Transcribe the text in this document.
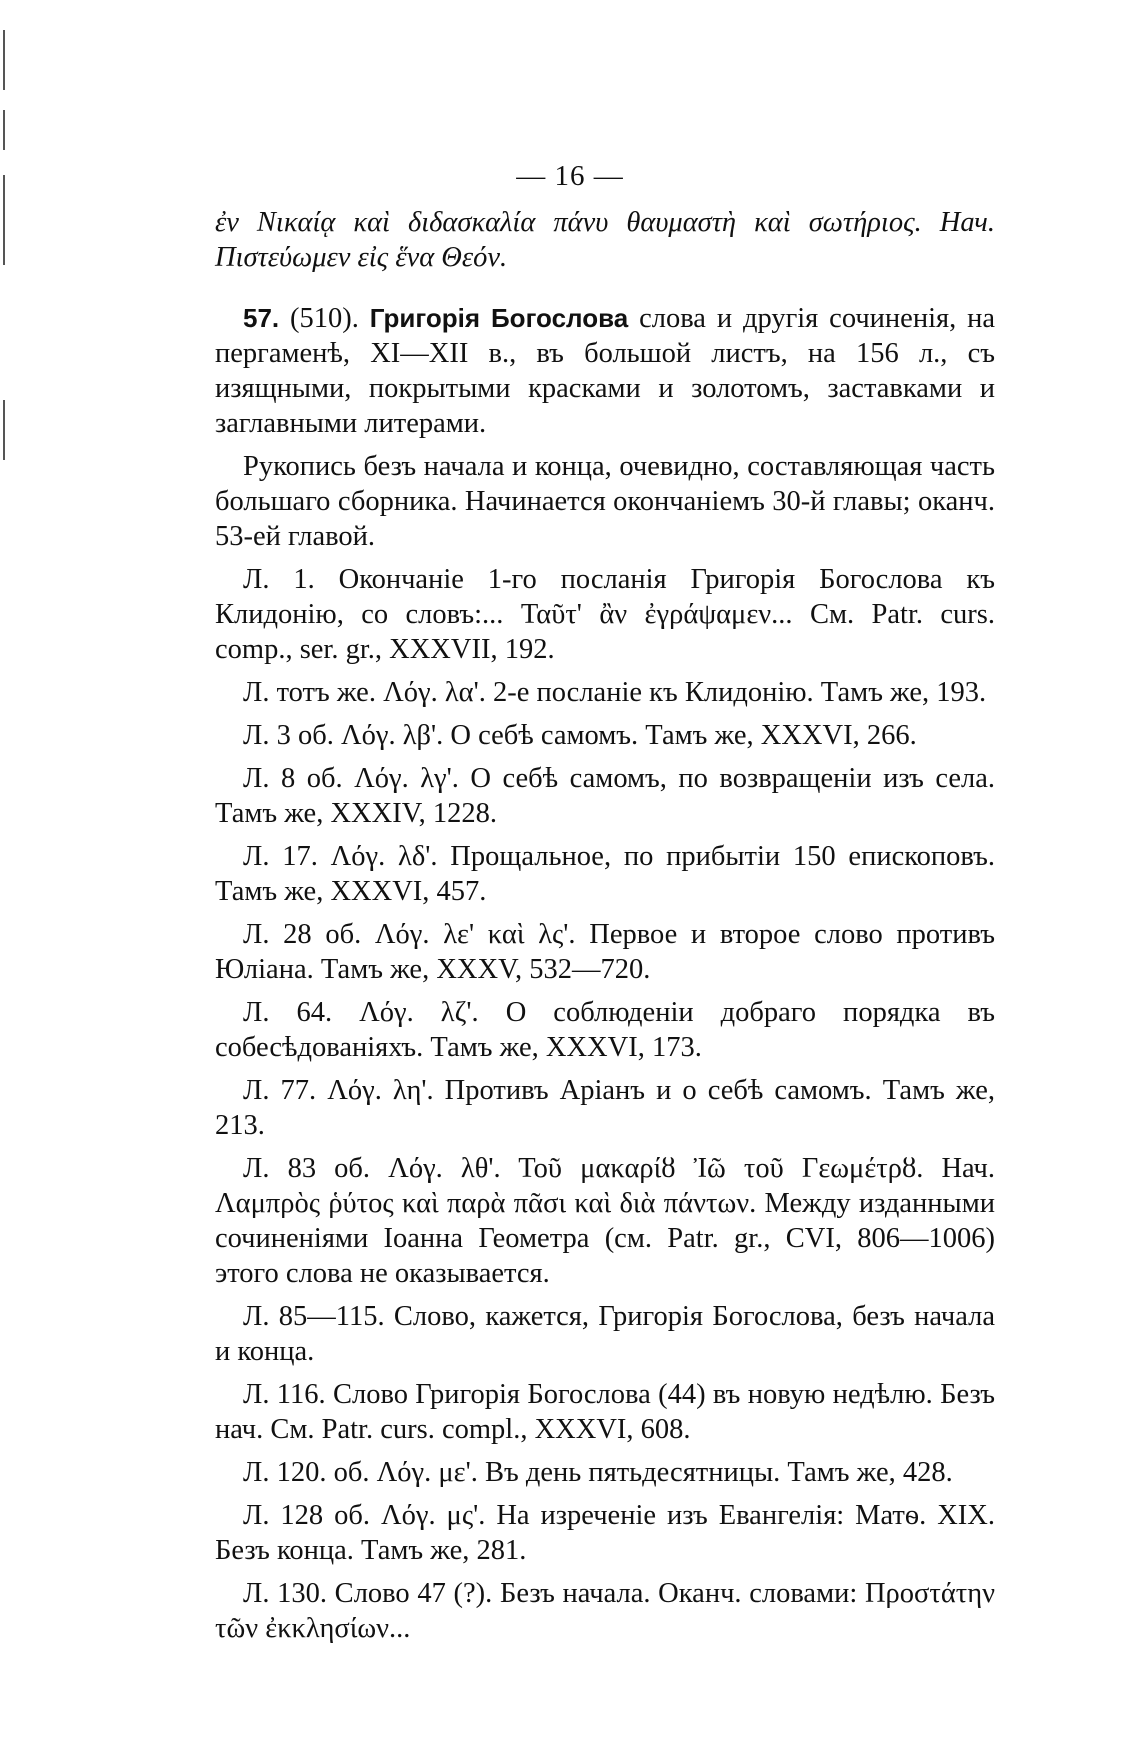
— 16 —

ἐν Νικαίᾳ καὶ διδασκαλία πάνυ θαυμαστὴ καὶ σωτήριος. Нач. Πιστεύωμεν εἰς ἕνα Θεόν.

57. (510). Григорія Богослова слова и другія сочиненія, на пергаменѣ, XI—XII в., въ большой листъ, на 156 л., съ изящными, покрытыми красками и золотомъ, заставками и заглавными литерами.

Рукопись безъ начала и конца, очевидно, составляющая часть большаго сборника. Начинается окончаніемъ 30-й главы; оканч. 53-ей главой.

Л. 1. Окончаніе 1-го посланія Григорія Богослова къ Клидонію, со словъ:... Ταῦτ' ἂν ἐγράψαμεν... См. Patr. curs. comp., ser. gr., XXXVII, 192.

Л. тотъ же. Λόγ. λα'. 2-е посланіе къ Клидонію. Тамъ же, 193.

Л. 3 об. Λόγ. λβ'. О себѣ самомъ. Тамъ же, XXXVI, 266.

Л. 8 об. Λόγ. λγ'. О себѣ самомъ, по возвращеніи изъ села. Тамъ же, XXXIV, 1228.

Л. 17. Λόγ. λδ'. Прощальное, по прибытіи 150 епископовъ. Тамъ же, XXXVI, 457.

Л. 28 об. Λόγ. λε' καὶ λς'. Первое и второе слово противъ Юліана. Тамъ же, XXXV, 532—720.

Л. 64. Λόγ. λζ'. О соблюденіи добраго порядка въ собесѣдованіяхъ. Тамъ же, XXXVI, 173.

Л. 77. Λόγ. λη'. Противъ Аріанъ и о себѣ самомъ. Тамъ же, 213.

Л. 83 об. Λόγ. λθ'. Τοῦ μακαρίȣ Ἰῶ τοῦ Γεωμέτρȣ. Нач. Λαμπρὸς ῥύτος καὶ παρὰ πᾶσι καὶ διὰ πάντων. Между изданными сочиненіями Іоанна Геометра (см. Patr. gr., CVI, 806—1006) этого слова не оказывается.

Л. 85—115. Слово, кажется, Григорія Богослова, безъ начала и конца.

Л. 116. Слово Григорія Богослова (44) въ новую недѣлю. Безъ нач. См. Patr. curs. compl., XXXVI, 608.

Л. 120. об. Λόγ. με'. Въ день пятьдесятницы. Тамъ же, 428.

Л. 128 об. Λόγ. μς'. На изреченіе изъ Евангелія: Матѳ. XIX. Безъ конца. Тамъ же, 281.

Л. 130. Слово 47 (?). Безъ начала. Оканч. словами: Προστάτην τῶν ἐκκλησίων...
